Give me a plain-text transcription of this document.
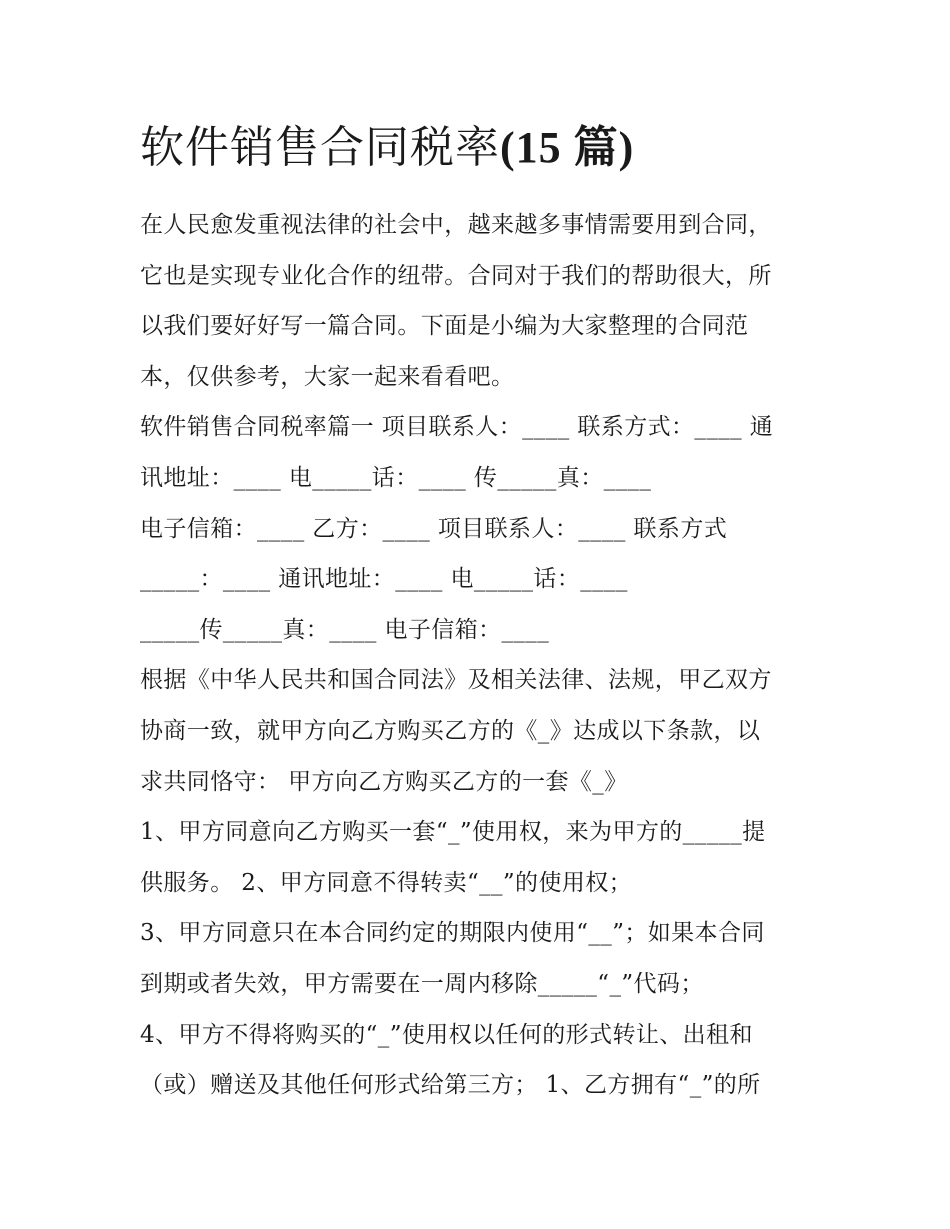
软件销售合同税率(15 篇)
在人民愈发重视法律的社会中，越来越多事情需要用到合同，
它也是实现专业化合作的纽带。合同对于我们的帮助很大，所
以我们要好好写一篇合同。下面是小编为大家整理的合同范
本，仅供参考，大家一起来看看吧。
软件销售合同税率篇一 项目联系人：____ 联系方式：____ 通
讯地址：____ 电_____话：____ 传_____真：____
电子信箱：____ 乙方：____ 项目联系人：____ 联系方式
_____：____ 通讯地址：____ 电_____话：____
_____传_____真：____ 电子信箱：____
根据《中华人民共和国合同法》及相关法律、法规，甲乙双方
协商一致，就甲方向乙方购买乙方的《_》达成以下条款，以
求共同恪守： 甲方向乙方购买乙方的一套《_》
1、甲方同意向乙方购买一套“_”使用权，来为甲方的_____提
供服务。 2、甲方同意不得转卖“__”的使用权；
3、甲方同意只在本合同约定的期限内使用“__”；如果本合同
到期或者失效，甲方需要在一周内移除_____“_”代码；
4、甲方不得将购买的“_”使用权以任何的形式转让、出租和
（或）赠送及其他任何形式给第三方； 1、乙方拥有“_”的所
